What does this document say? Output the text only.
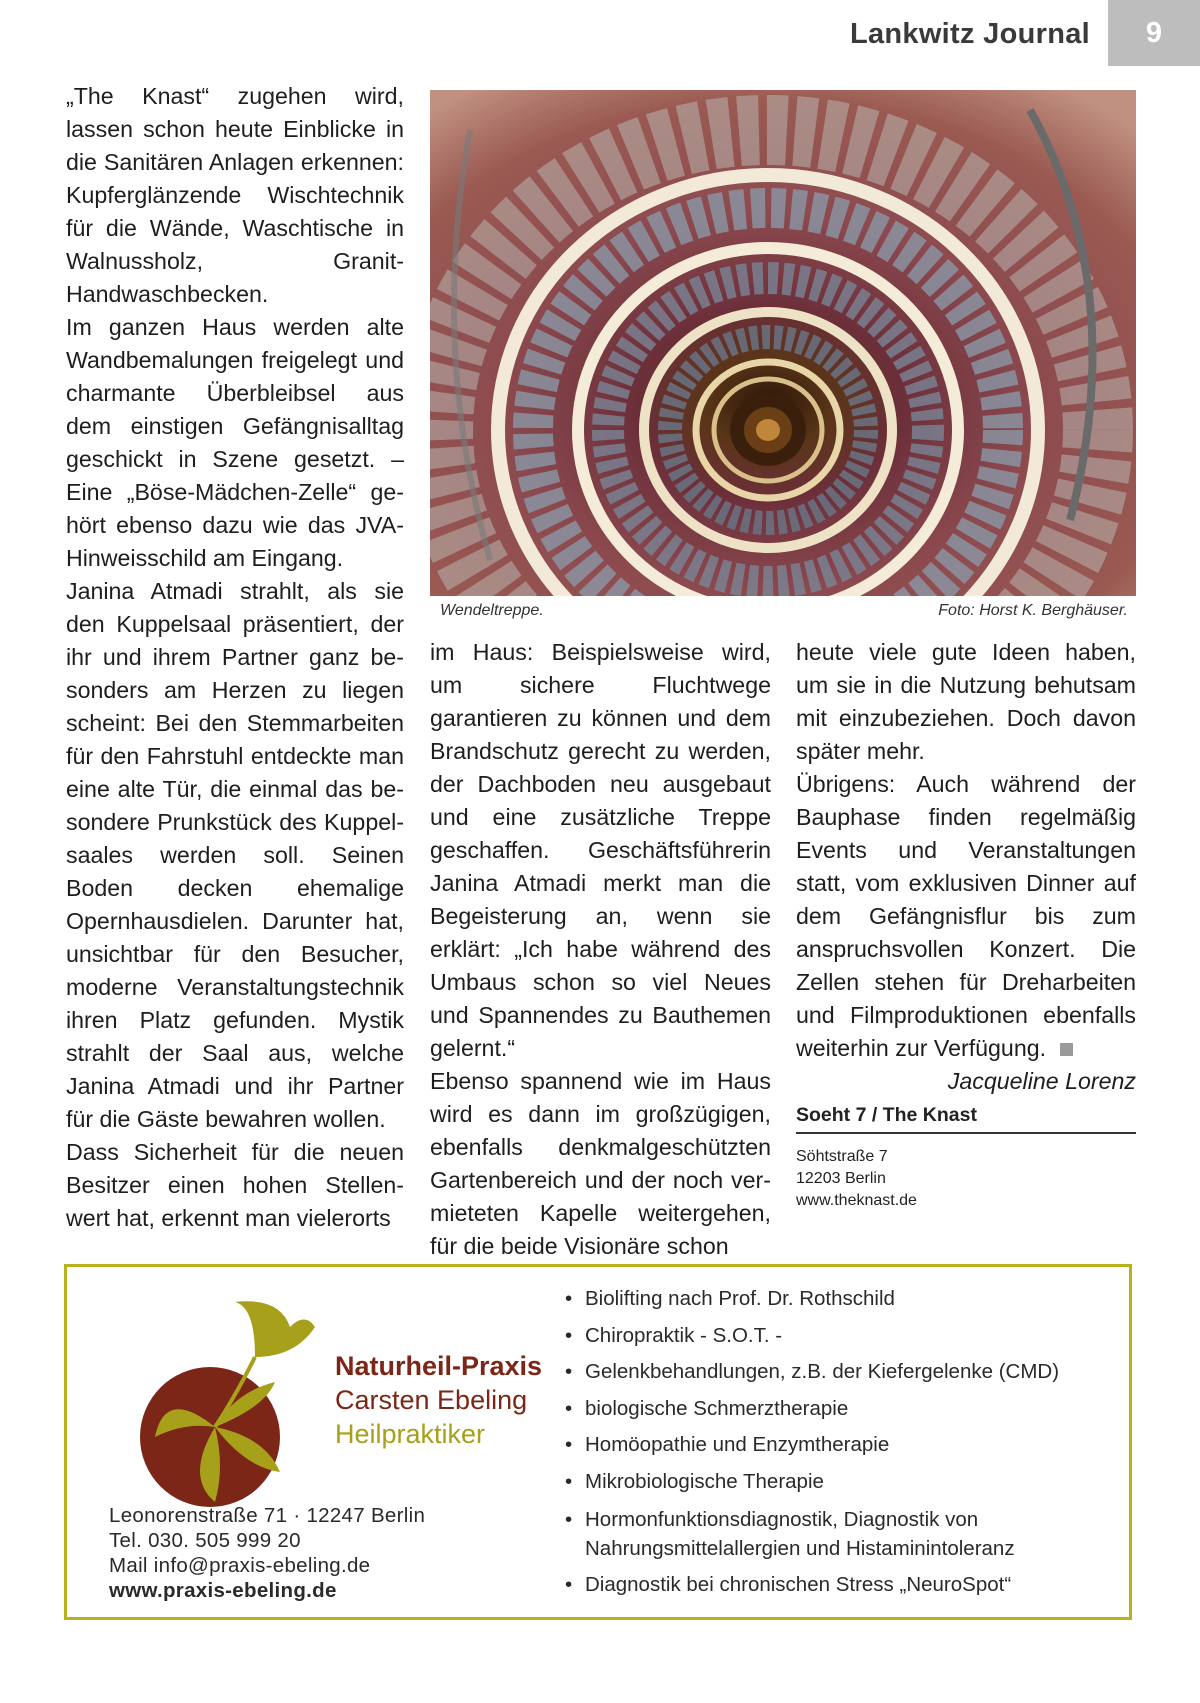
Lankwitz Journal	9

„The Knast“ zugehen wird, lassen schon heute Einblicke in die Sanitären Anlagen erkennen: Kupferglänzende Wischtechnik für die Wände, Waschtische in Walnussholz, Granit-Handwaschbecken.

Im ganzen Haus werden alte Wandbemalungen freigelegt und charmante Überbleibsel aus dem einstigen Gefängnisalltag geschickt in Szene gesetzt. – Eine „Böse-Mädchen-Zelle“ gehört ebenso dazu wie das JVA-Hinweisschild am Eingang.

Janina Atmadi strahlt, als sie den Kuppelsaal präsentiert, der ihr und ihrem Partner ganz besonders am Herzen zu liegen scheint: Bei den Stemmarbeiten für den Fahrstuhl entdeckte man eine alte Tür, die einmal das besondere Prunkstück des Kuppelsaales werden soll. Seinen Boden decken ehemalige Opernhausdielen. Darunter hat, unsichtbar für den Besucher, moderne Veranstaltungstechnik ihren Platz gefunden. Mystik strahlt der Saal aus, welche Janina Atmadi und ihr Partner für die Gäste bewahren wollen.

Dass Sicherheit für die neuen Besitzer einen hohen Stellenwert hat, erkennt man vielerorts

Wendeltreppe.	Foto: Horst K. Berghäuser.

im Haus: Beispielsweise wird, um sichere Fluchtwege garantieren zu können und dem Brandschutz gerecht zu werden, der Dachboden neu ausgebaut und eine zusätzliche Treppe geschaffen. Geschäftsführerin Janina Atmadi merkt man die Begeisterung an, wenn sie erklärt: „Ich habe während des Umbaus schon so viel Neues und Spannendes zu Bauthemen gelernt.“

Ebenso spannend wie im Haus wird es dann im großzügigen, ebenfalls denkmalgeschützten Gartenbereich und der noch vermieteten Kapelle weitergehen, für die beide Visionäre schon

heute viele gute Ideen haben, um sie in die Nutzung behutsam mit einzubeziehen. Doch davon später mehr.

Übrigens: Auch während der Bauphase finden regelmäßig Events und Veranstaltungen statt, vom exklusiven Dinner auf dem Gefängnisflur bis zum anspruchsvollen Konzert. Die Zellen stehen für Dreharbeiten und Filmproduktionen ebenfalls weiterhin zur Verfügung.

Jacqueline Lorenz

Soeht 7 / The Knast
Söhtstraße 7
12203 Berlin
www.theknast.de
Naturheil-Praxis
Carsten Ebeling
Heilpraktiker
Leonorenstraße 71 · 12247 Berlin
Tel. 030. 505 999 20
Mail info@praxis-ebeling.de
www.praxis-ebeling.de
• Biolifting nach Prof. Dr. Rothschild
• Chiropraktik - S.O.T. -
• Gelenkbehandlungen, z.B. der Kiefergelenke (CMD)
• biologische Schmerztherapie
• Homöopathie und Enzymtherapie
• Mikrobiologische Therapie
• Hormonfunktionsdiagnostik, Diagnostik von Nahrungsmittelallergien und Histaminintoleranz
• Diagnostik bei chronischen Stress „NeuroSpot“
